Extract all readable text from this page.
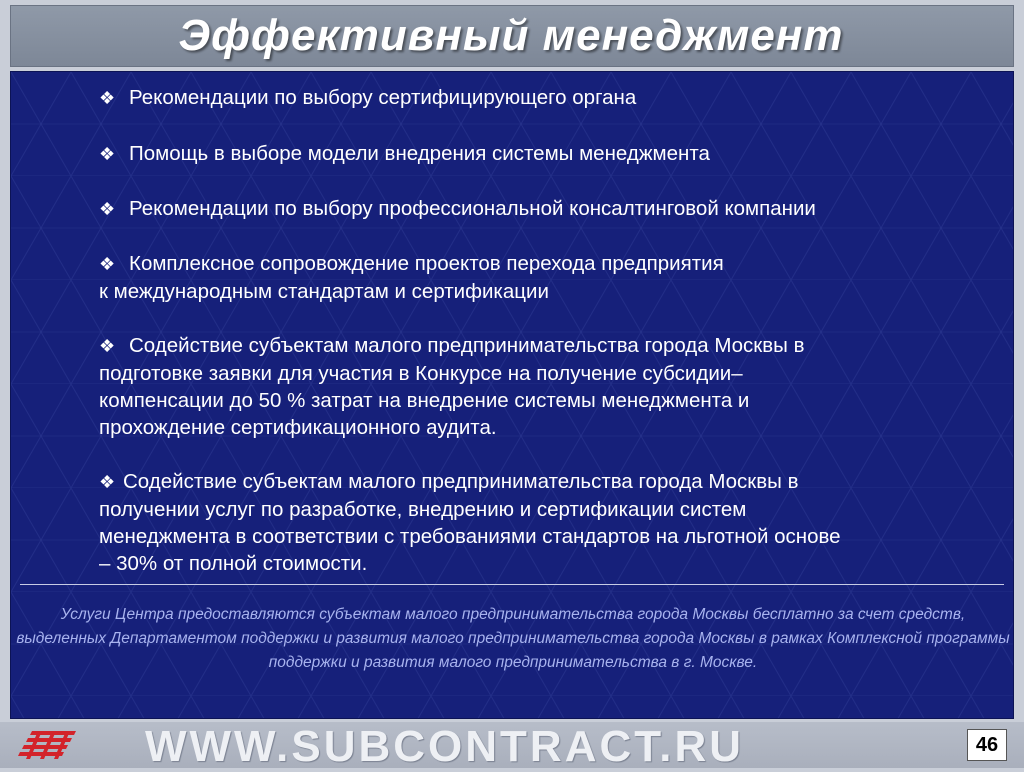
Эффективный менеджмент
❖ Рекомендации по выбору сертифицирующего органа
❖ Помощь в выборе модели внедрения системы менеджмента
❖ Рекомендации по выбору профессиональной консалтинговой компании
❖ Комплексное сопровождение проектов перехода предприятия
к международным стандартам и сертификации
❖ Содействие субъектам малого предпринимательства города Москвы в
подготовке заявки для участия в Конкурсе на получение субсидии–
компенсации до 50 % затрат на внедрение системы менеджмента и
прохождение сертификационного аудита.
❖ Содействие субъектам малого предпринимательства города Москвы в
получении услуг по разработке, внедрению и сертификации систем
менеджмента в соответствии с требованиями стандартов на льготной основе
– 30% от полной стоимости.
Услуги Центра предоставляются субъектам малого предпринимательства города Москвы бесплатно за счет средств, выделенных Департаментом поддержки и развития малого предпринимательства города Москвы в рамках Комплексной программы поддержки и развития малого предпринимательства в г. Москве.
WWW.SUBCONTRACT.RU	46
